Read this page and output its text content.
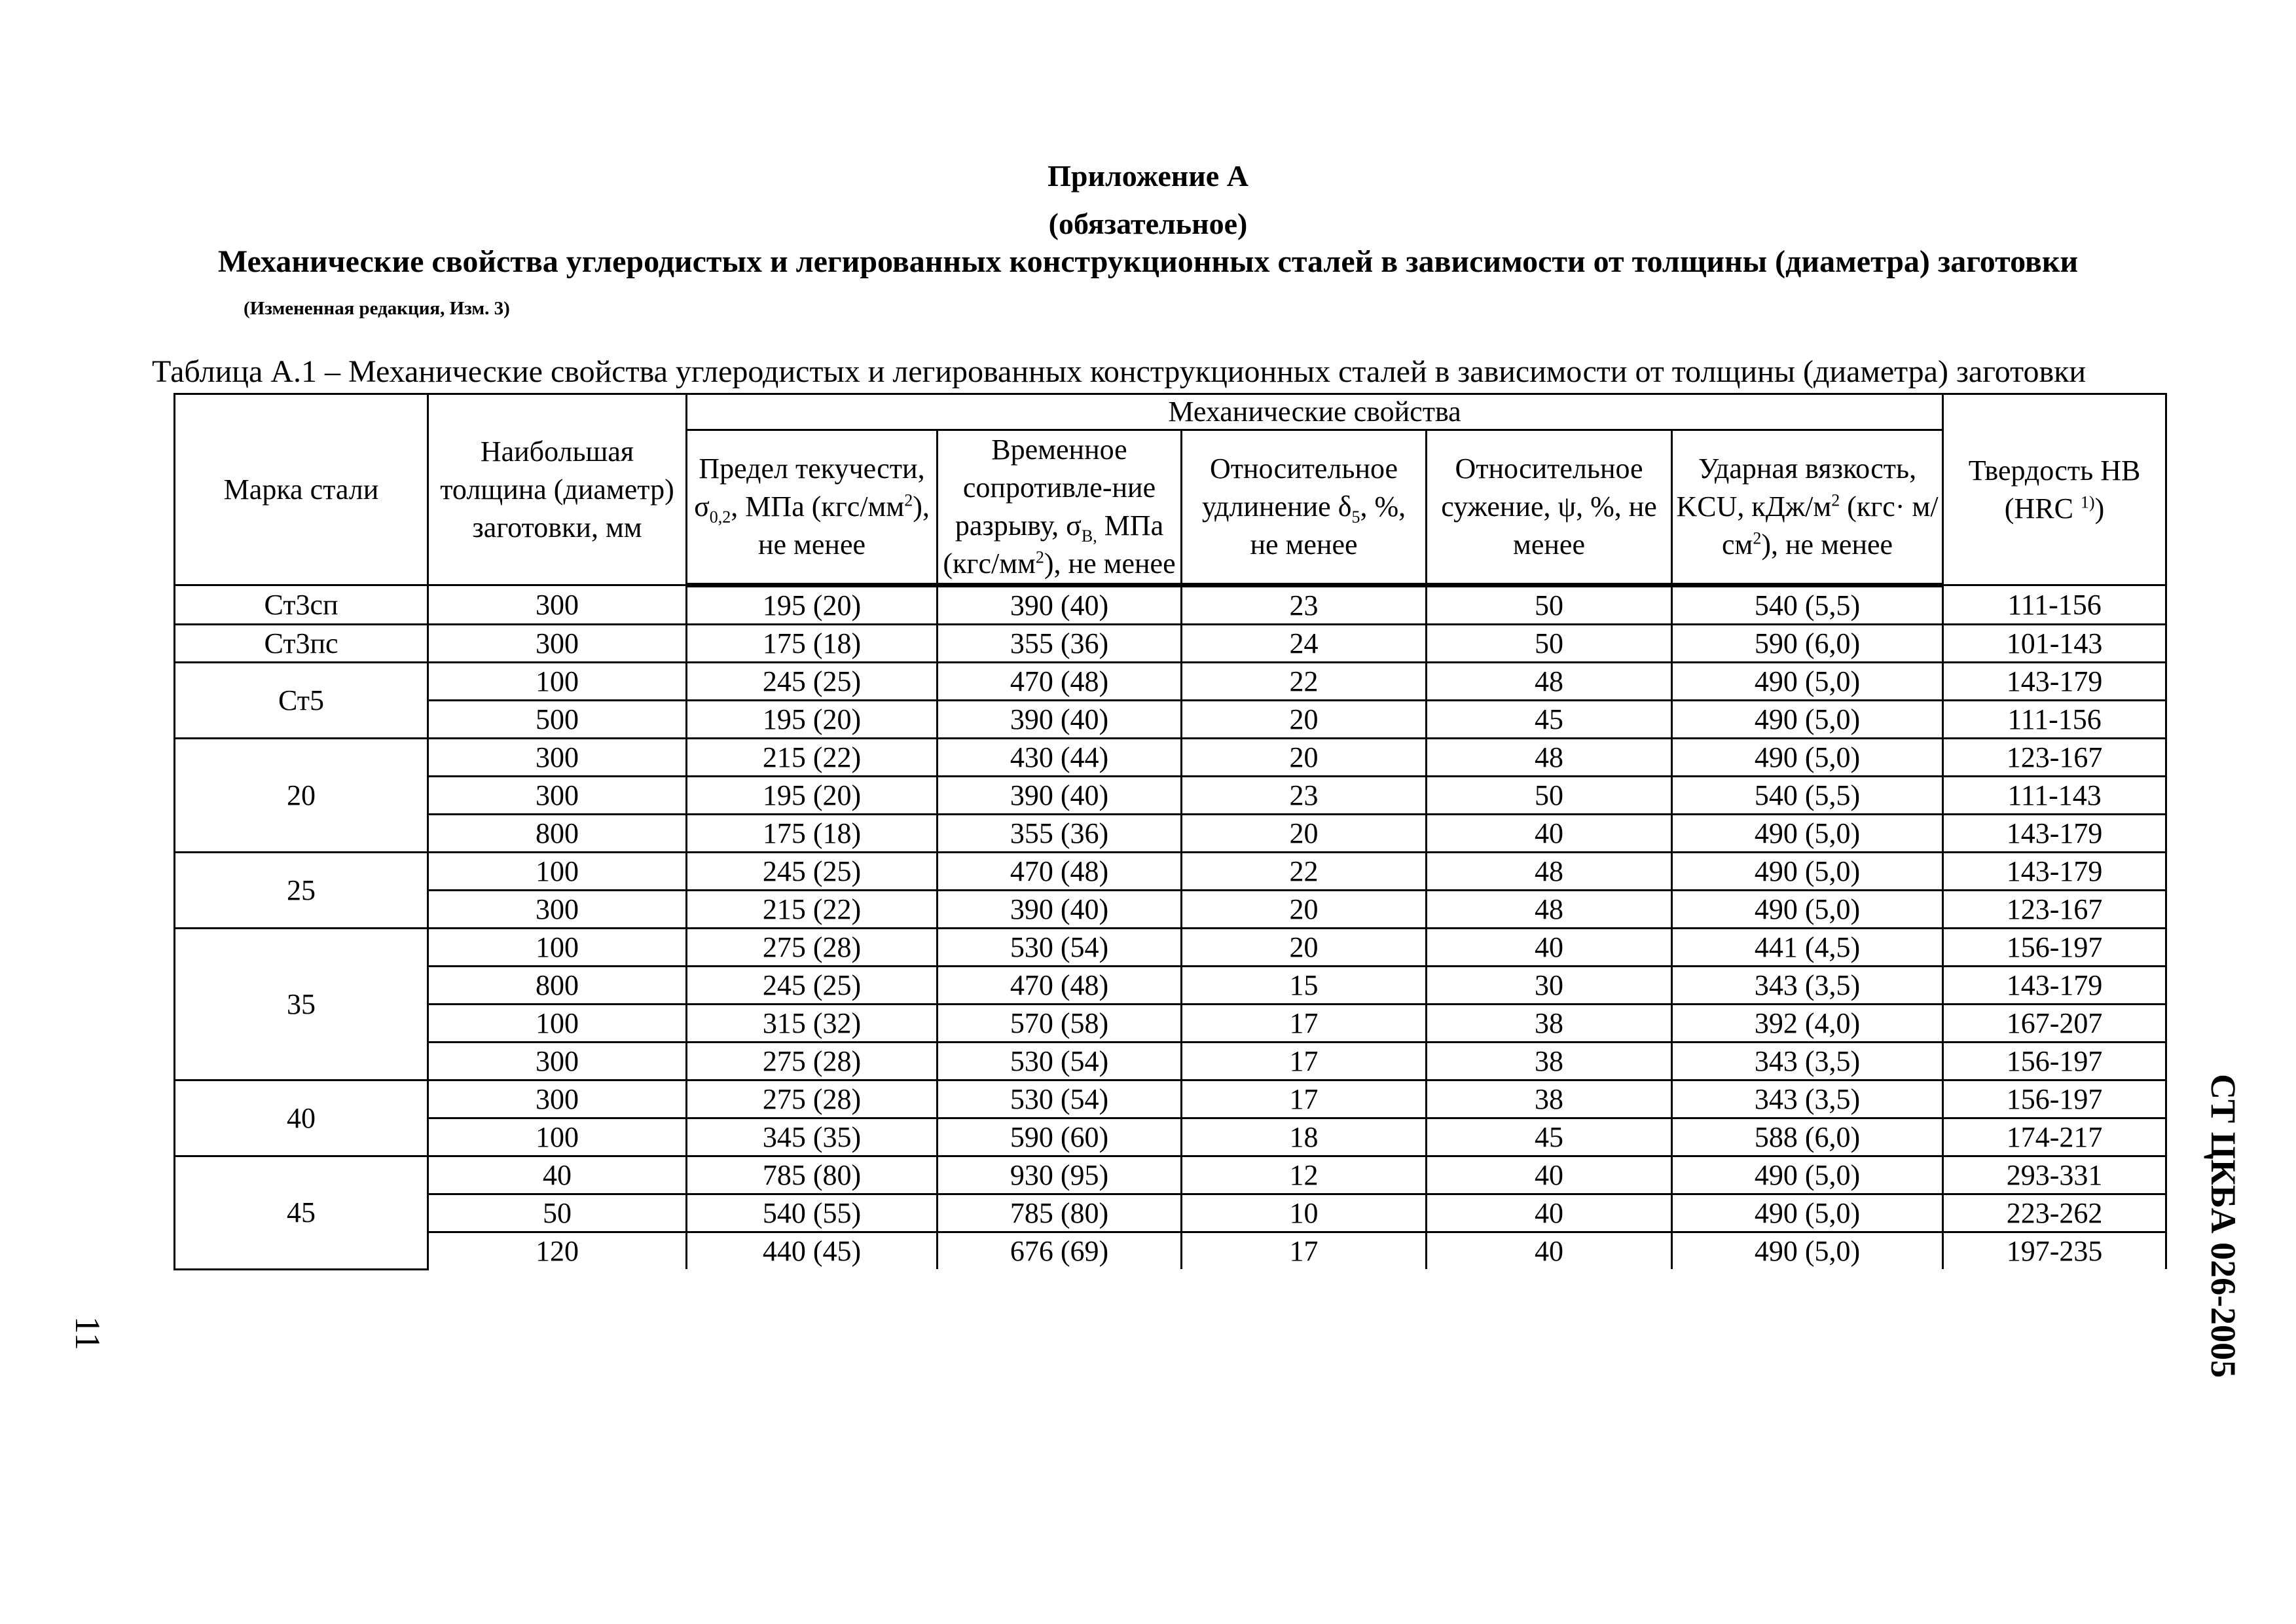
Приложение А
(обязательное)
Механические свойства углеродистых и легированных конструкционных сталей в зависимости от толщины (диаметра) заготовки
(Измененная редакция, Изм. 3)
Таблица А.1 – Механические свойства углеродистых и легированных конструкционных сталей в зависимости от толщины (диаметра) заготовки
Марка стали	Наибольшая толщина (диаметр) заготовки, мм	Механические свойства					Твердость НВ (HRC $^{1)}$)
		Предел текучести, $\sigma_{0,2}$, МПа $(кгс/мм^2)$, не менее	Временное сопротивле-ние разрыву, $\sigma_{В,}$ МПа $(кгс/мм^2)$, не менее	Относительное удлинение $\delta_5$, %, не менее	Относительное сужение, ψ, %, не менее	Ударная вязкость, KCU, кДж/$м^2$ $(кгс\cdot м/см^2)$, не менее	
Ст3сп	300	195 (20)	390 (40)	23	50	540 (5,5)	111-156
Ст3пс	300	175 (18)	355 (36)	24	50	590 (6,0)	101-143
Ст5	100	245 (25)	470 (48)	22	48	490 (5,0)	143-179
	500	195 (20)	390 (40)	20	45	490 (5,0)	111-156
20	300	215 (22)	430 (44)	20	48	490 (5,0)	123-167
	300	195 (20)	390 (40)	23	50	540 (5,5)	111-143
	800	175 (18)	355 (36)	20	40	490 (5,0)	143-179
25	100	245 (25)	470 (48)	22	48	490 (5,0)	143-179
	300	215 (22)	390 (40)	20	48	490 (5,0)	123-167
35	100	275 (28)	530 (54)	20	40	441 (4,5)	156-197
	800	245 (25)	470 (48)	15	30	343 (3,5)	143-179
	100	315 (32)	570 (58)	17	38	392 (4,0)	167-207
	300	275 (28)	530 (54)	17	38	343 (3,5)	156-197
40	300	275 (28)	530 (54)	17	38	343 (3,5)	156-197
	100	345 (35)	590 (60)	18	45	588 (6,0)	174-217
45	40	785 (80)	930 (95)	12	40	490 (5,0)	293-331
	50	540 (55)	785 (80)	10	40	490 (5,0)	223-262
	120	440 (45)	676 (69)	17	40	490 (5,0)	197-235	СТ ЦКБА 026-2005
11
